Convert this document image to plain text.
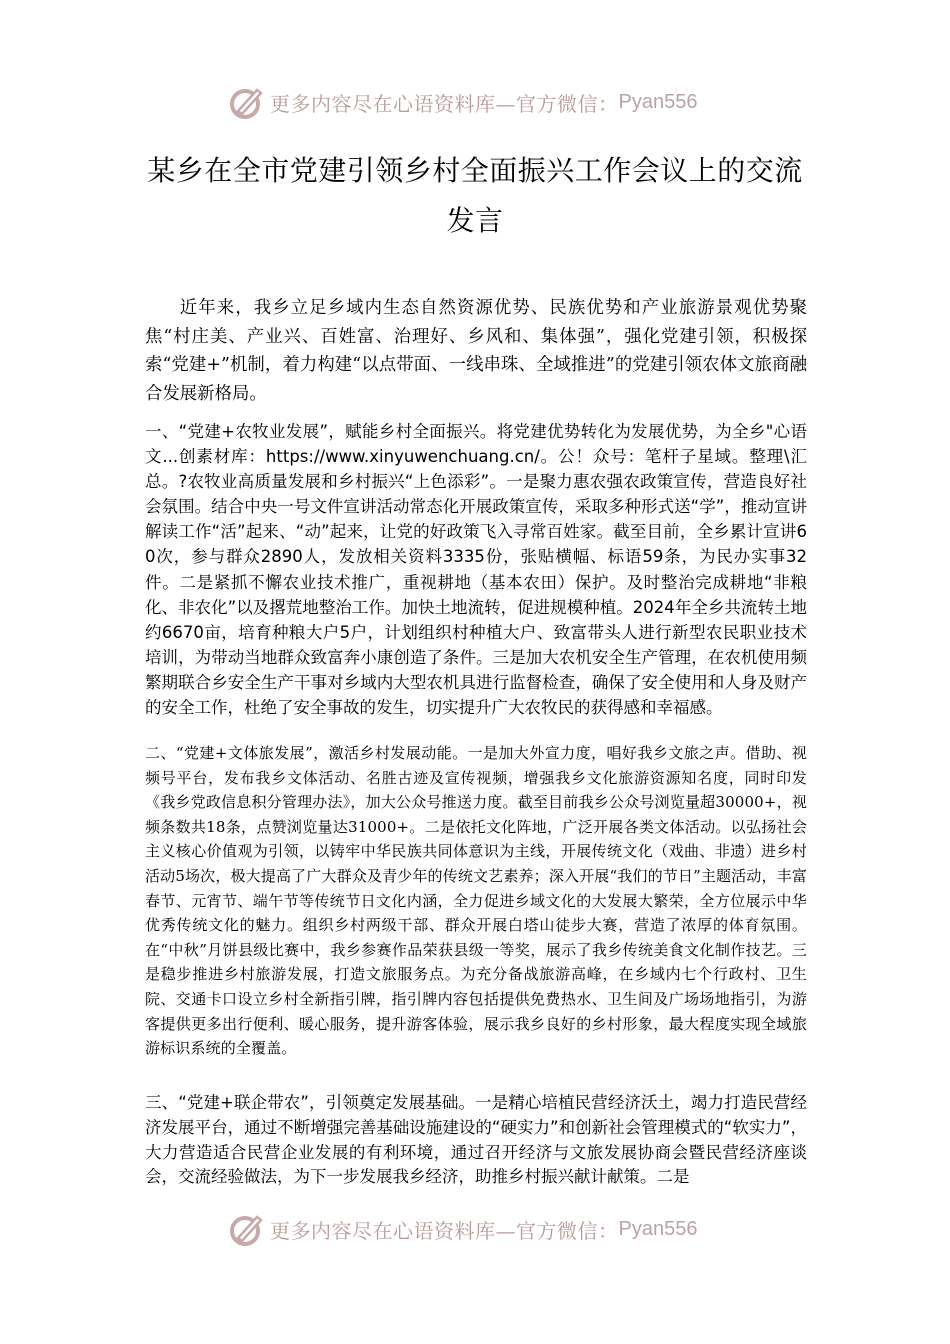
更多内容尽在心语资料库—官方微信： Pyan556
某乡在全市党建引领乡村全面振兴工作会议上的交流发言

近年来，我乡立足乡域内生态自然资源优势、民族优势和产业旅游景观优势聚焦“村庄美、产业兴、百姓富、治理好、乡风和、集体强”，强化党建引领，积极探索“党建+”机制，着力构建“以点带面、一线串珠、全域推进”的党建引领农体文旅商融合发展新格局。

一、“党建+农牧业发展”，赋能乡村全面振兴。将党建优势转化为发展优势，为全乡"心语文...创素材库：https://www.xinyuwenchuang.cn/。公！众号：笔杆子星域。整理\汇总。?农牧业高质量发展和乡村振兴“上色添彩”。一是聚力惠农强农政策宣传，营造良好社会氛围。结合中央一号文件宣讲活动常态化开展政策宣传，采取多种形式送“学”，推动宣讲解读工作“活”起来、“动”起来，让党的好政策飞入寻常百姓家。截至目前，全乡累计宣讲60次，参与群众2890人，发放相关资料3335份，张贴横幅、标语59条，为民办实事32件。二是紧抓不懈农业技术推广，重视耕地（基本农田）保护。及时整治完成耕地“非粮化、非农化”以及撂荒地整治工作。加快土地流转，促进规模种植。2024年全乡共流转土地约6670亩，培育种粮大户5户，计划组织村种植大户、致富带头人进行新型农民职业技术培训，为带动当地群众致富奔小康创造了条件。三是加大农机安全生产管理，在农机使用频繁期联合乡安全生产干事对乡域内大型农机具进行监督检查，确保了安全使用和人身及财产的安全工作，杜绝了安全事故的发生，切实提升广大农牧民的获得感和幸福感。

二、“党建+文体旅发展”，激活乡村发展动能。一是加大外宣力度，唱好我乡文旅之声。借助、视频号平台，发布我乡文体活动、名胜古迹及宣传视频，增强我乡文化旅游资源知名度，同时印发《我乡党政信息积分管理办法》，加大公众号推送力度。截至目前我乡公众号浏览量超30000+，视频条数共18条，点赞浏览量达31000+。二是依托文化阵地，广泛开展各类文体活动。以弘扬社会主义核心价值观为引领，以铸牢中华民族共同体意识为主线，开展传统文化（戏曲、非遗）进乡村活动5场次，极大提高了广大群众及青少年的传统文艺素养；深入开展“我们的节日”主题活动，丰富春节、元宵节、端午节等传统节日文化内涵，全力促进乡域文化的大发展大繁荣，全方位展示中华优秀传统文化的魅力。组织乡村两级干部、群众开展白塔山徒步大赛，营造了浓厚的体育氛围。在“中秋”月饼县级比赛中，我乡参赛作品荣获县级一等奖，展示了我乡传统美食文化制作技艺。三是稳步推进乡村旅游发展，打造文旅服务点。为充分备战旅游高峰，在乡域内七个行政村、卫生院、交通卡口设立乡村全新指引牌，指引牌内容包括提供免费热水、卫生间及广场场地指引，为游客提供更多出行便利、暖心服务，提升游客体验，展示我乡良好的乡村形象，最大程度实现全域旅游标识系统的全覆盖。

三、“党建+联企带农”，引领奠定发展基础。一是精心培植民营经济沃土，竭力打造民营经济发展平台，通过不断增强完善基础设施建设的“硬实力”和创新社会管理模式的“软实力”，大力营造适合民营企业发展的有利环境，通过召开经济与文旅发展协商会暨民营经济座谈会，交流经验做法，为下一步发展我乡经济，助推乡村振兴献计献策。二是

更多内容尽在心语资料库—官方微信： Pyan556
